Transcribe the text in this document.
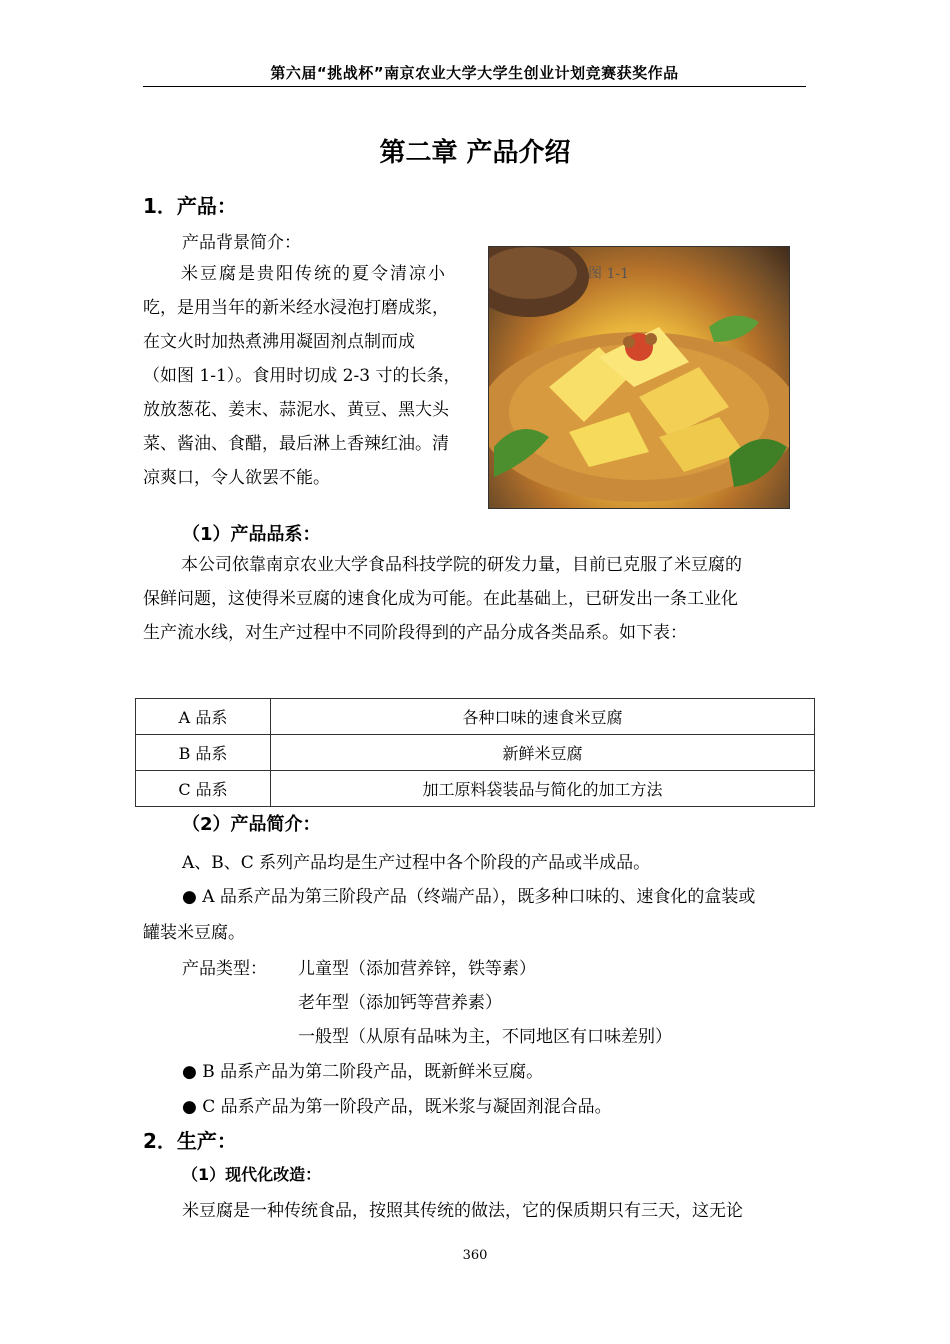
第六届“挑战杯”南京农业大学大学生创业计划竞赛获奖作品
第二章 产品介绍
1．产品：
产品背景简介：
米豆腐是贵阳传统的夏令清凉小
吃，是用当年的新米经水浸泡打磨成浆，
在文火时加热煮沸用凝固剂点制而成
（如图 1-1）。食用时切成 2-3 寸的长条，
放放葱花、姜末、蒜泥水、黄豆、黑大头
菜、酱油、食醋，最后淋上香辣红油。清
凉爽口，令人欲罢不能。
图 1-1
（1）产品品系：
本公司依靠南京农业大学食品科技学院的研发力量，目前已克服了米豆腐的
保鲜问题，这使得米豆腐的速食化成为可能。在此基础上，已研发出一条工业化
生产流水线，对生产过程中不同阶段得到的产品分成各类品系。如下表：
A 品系	各种口味的速食米豆腐
B 品系	新鲜米豆腐
C 品系	加工原料袋装品与简化的加工方法
（2）产品简介：
A、B、C 系列产品均是生产过程中各个阶段的产品或半成品。
● A 品系产品为第三阶段产品（终端产品），既多种口味的、速食化的盒装或
罐装米豆腐。
产品类型： 儿童型（添加营养锌，铁等素）
老年型（添加钙等营养素）
一般型（从原有品味为主，不同地区有口味差别）
● B 品系产品为第二阶段产品，既新鲜米豆腐。
● C 品系产品为第一阶段产品，既米浆与凝固剂混合品。
2．生产：
（1）现代化改造：
米豆腐是一种传统食品，按照其传统的做法，它的保质期只有三天，这无论
360
